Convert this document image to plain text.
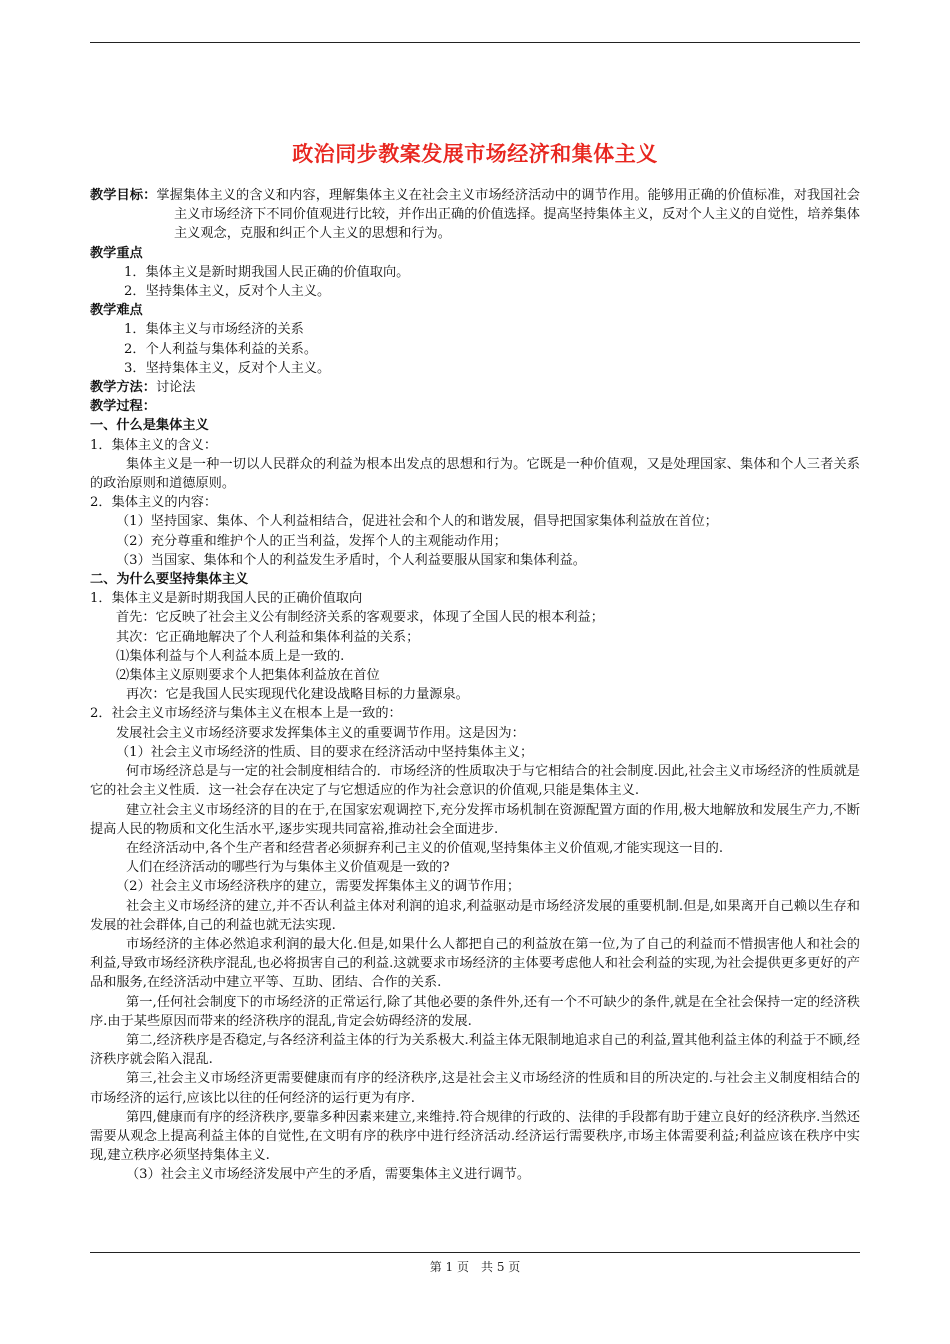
政治同步教案发展市场经济和集体主义

教学目标：掌握集体主义的含义和内容，理解集体主义在社会主义市场经济活动中的调节作用。能够用正确的价值标准，对我国社会主义市场经济下不同价值观进行比较，并作出正确的价值选择。提高坚持集体主义，反对个人主义的自觉性，培养集体主义观念，克服和纠正个人主义的思想和行为。

教学重点

1．集体主义是新时期我国人民正确的价值取向。

2．坚持集体主义，反对个人主义。

教学难点

1．集体主义与市场经济的关系

2．个人利益与集体利益的关系。

3．坚持集体主义，反对个人主义。

教学方法：讨论法

教学过程：

一、什么是集体主义

1．集体主义的含义：

集体主义是一种一切以人民群众的利益为根本出发点的思想和行为。它既是一种价值观，又是处理国家、集体和个人三者关系的政治原则和道德原则。

2．集体主义的内容：

（1）坚持国家、集体、个人利益相结合，促进社会和个人的和谐发展，倡导把国家集体利益放在首位；

（2）充分尊重和维护个人的正当利益，发挥个人的主观能动作用；

（3）当国家、集体和个人的利益发生矛盾时，个人利益要服从国家和集体利益。

二、为什么要坚持集体主义

1．集体主义是新时期我国人民的正确价值取向

首先：它反映了社会主义公有制经济关系的客观要求，体现了全国人民的根本利益；

其次：它正确地解决了个人利益和集体利益的关系；

⑴集体利益与个人利益本质上是一致的.

⑵集体主义原则要求个人把集体利益放在首位

再次：它是我国人民实现现代化建设战略目标的力量源泉。

2．社会主义市场经济与集体主义在根本上是一致的：

发展社会主义市场经济要求发挥集体主义的重要调节作用。这是因为：

（1）社会主义市场经济的性质、目的要求在经济活动中坚持集体主义；

何市场经济总是与一定的社会制度相结合的．市场经济的性质取决于与它相结合的社会制度.因此,社会主义市场经济的性质就是它的社会主义性质．这一社会存在决定了与它想适应的作为社会意识的价值观,只能是集体主义.

建立社会主义市场经济的目的在于,在国家宏观调控下,充分发挥市场机制在资源配置方面的作用,极大地解放和发展生产力,不断提高人民的物质和文化生活水平,逐步实现共同富裕,推动社会全面进步.

在经济活动中,各个生产者和经营者必须摒弃利己主义的价值观,坚持集体主义价值观,才能实现这一目的.

人们在经济活动的哪些行为与集体主义价值观是一致的?

（2）社会主义市场经济秩序的建立，需要发挥集体主义的调节作用；

社会主义市场经济的建立,并不否认利益主体对利润的追求,利益驱动是市场经济发展的重要机制.但是,如果离开自己赖以生存和发展的社会群体,自己的利益也就无法实现.

市场经济的主体必然追求利润的最大化.但是,如果什么人都把自己的利益放在第一位,为了自己的利益而不惜损害他人和社会的利益,导致市场经济秩序混乱,也必将损害自己的利益.这就要求市场经济的主体要考虑他人和社会利益的实现,为社会提供更多更好的产品和服务,在经济活动中建立平等、互助、团结、合作的关系.

第一,任何社会制度下的市场经济的正常运行,除了其他必要的条件外,还有一个不可缺少的条件,就是在全社会保持一定的经济秩序.由于某些原因而带来的经济秩序的混乱,肯定会妨碍经济的发展.

第二,经济秩序是否稳定,与各经济利益主体的行为关系极大.利益主体无限制地追求自己的利益,置其他利益主体的利益于不顾,经济秩序就会陷入混乱.

第三,社会主义市场经济更需要健康而有序的经济秩序,这是社会主义市场经济的性质和目的所决定的.与社会主义制度相结合的市场经济的运行,应该比以往的任何经济的运行更为有序.

第四,健康而有序的经济秩序,要靠多种因素来建立,来维持.符合规律的行政的、法律的手段都有助于建立良好的经济秩序.当然还需要从观念上提高利益主体的自觉性,在文明有序的秩序中进行经济活动.经济运行需要秩序,市场主体需要利益;利益应该在秩序中实现,建立秩序必须坚持集体主义.

（3）社会主义市场经济发展中产生的矛盾，需要集体主义进行调节。

第 1 页　共 5 页
